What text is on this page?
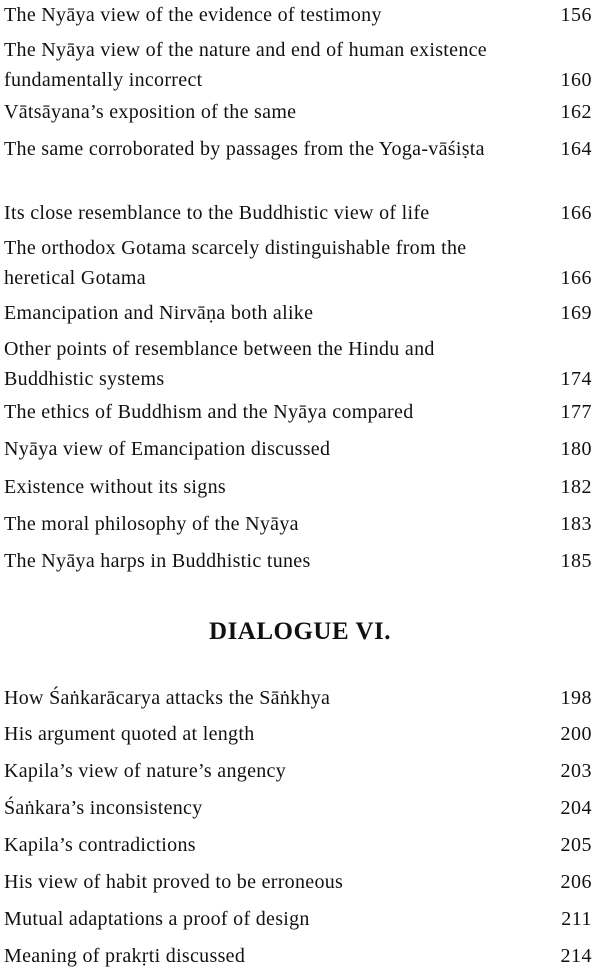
The Nyāya view of the evidence of testimony	156
The Nyāya view of the nature and end of human existence fundamentally incorrect	160
Vātsāyana’s exposition of the same	162
The same corroborated by passages from the Yoga-vāśiṣta	164
Its close resemblance to the Buddhistic view of life	166
The orthodox Gotama scarcely distinguishable from the heretical Gotama	166
Emancipation and Nirvāṇa both alike	169
Other points of resemblance between the Hindu and Buddhistic systems	174
The ethics of Buddhism and the Nyāya compared	177
Nyāya view of Emancipation discussed	180
Existence without its signs	182
The moral philosophy of the Nyāya	183
The Nyāya harps in Buddhistic tunes	185
DIALOGUE VI.
How Śaṅkarācarya attacks the Sāṅkhya	198
His argument quoted at length	200
Kapila’s view of nature’s angency	203
Śaṅkara’s inconsistency	204
Kapila’s contradictions	205
His view of habit proved to be erroneous	206
Mutual adaptations a proof of design	211
Meaning of prakṛti discussed	214
